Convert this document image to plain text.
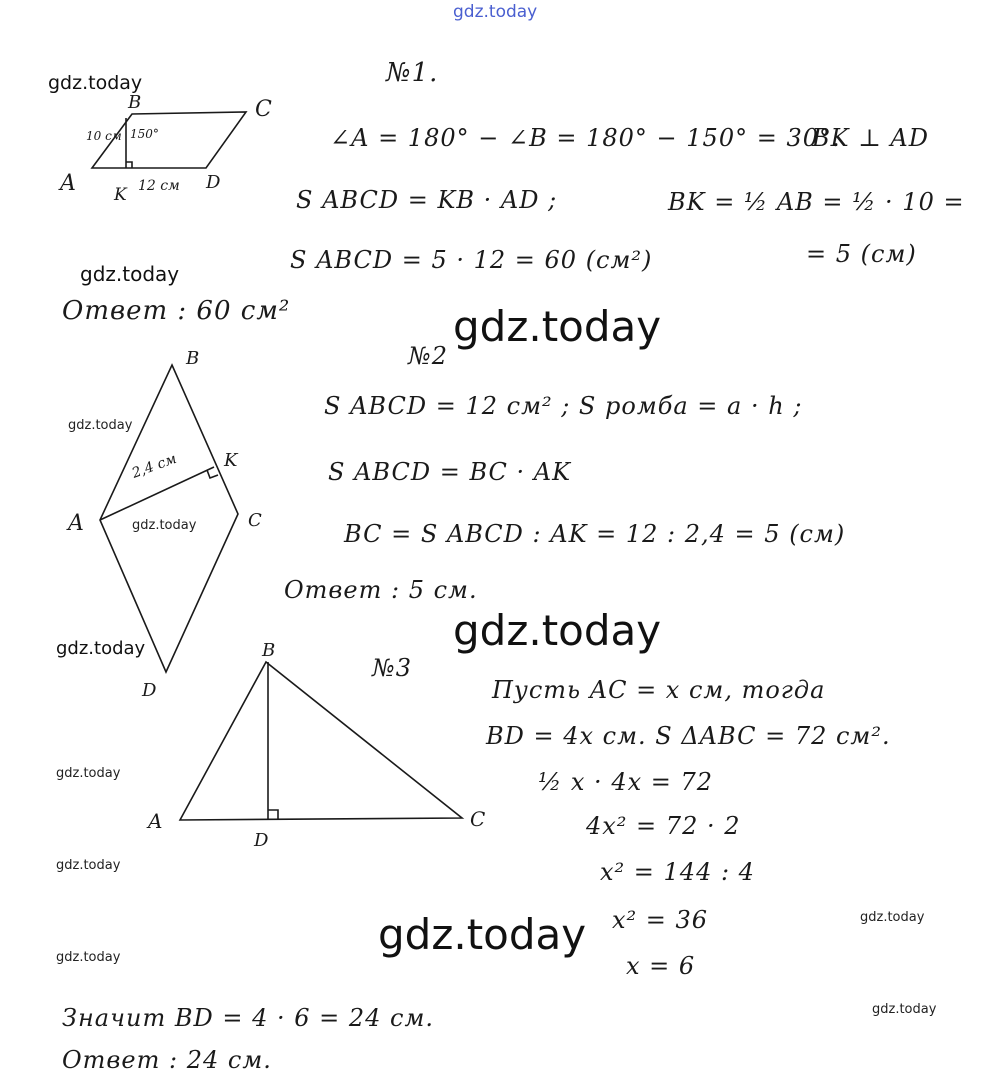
gdz.today
gdz.today
gdz.today
gdz.today
gdz.today
gdz.today
gdz.today
gdz.today
gdz.today
gdz.today
gdz.today	gdz.today	gdz.today
gdz.today
A
B	C
D
K
10 см 150°
12 см
B
A	C
K
D
2,4 см
B
A	C
D
№1.
∠A = 180° − ∠B = 180° − 150° = 30°.
BK ⊥ AD
S ABCD = KB · AD ;	BK = ½ AB = ½ · 10 =
S ABCD = 5 · 12 = 60 (см²)	= 5 (см)
Ответ : 60 см²
№2
S ABCD = 12 см² ; S ромба = a · h ;
S ABCD = BC · AK
BC = S ABCD : AK = 12 : 2,4 = 5 (см)
Ответ : 5 см.
№3
Пусть AC = x см, тогда
BD = 4x см. S ΔABC = 72 см².
½ x · 4x = 72
4x² = 72 · 2
x² = 144 : 4
x² = 36
x = 6
Значит BD = 4 · 6 = 24 см.
Ответ : 24 см.
